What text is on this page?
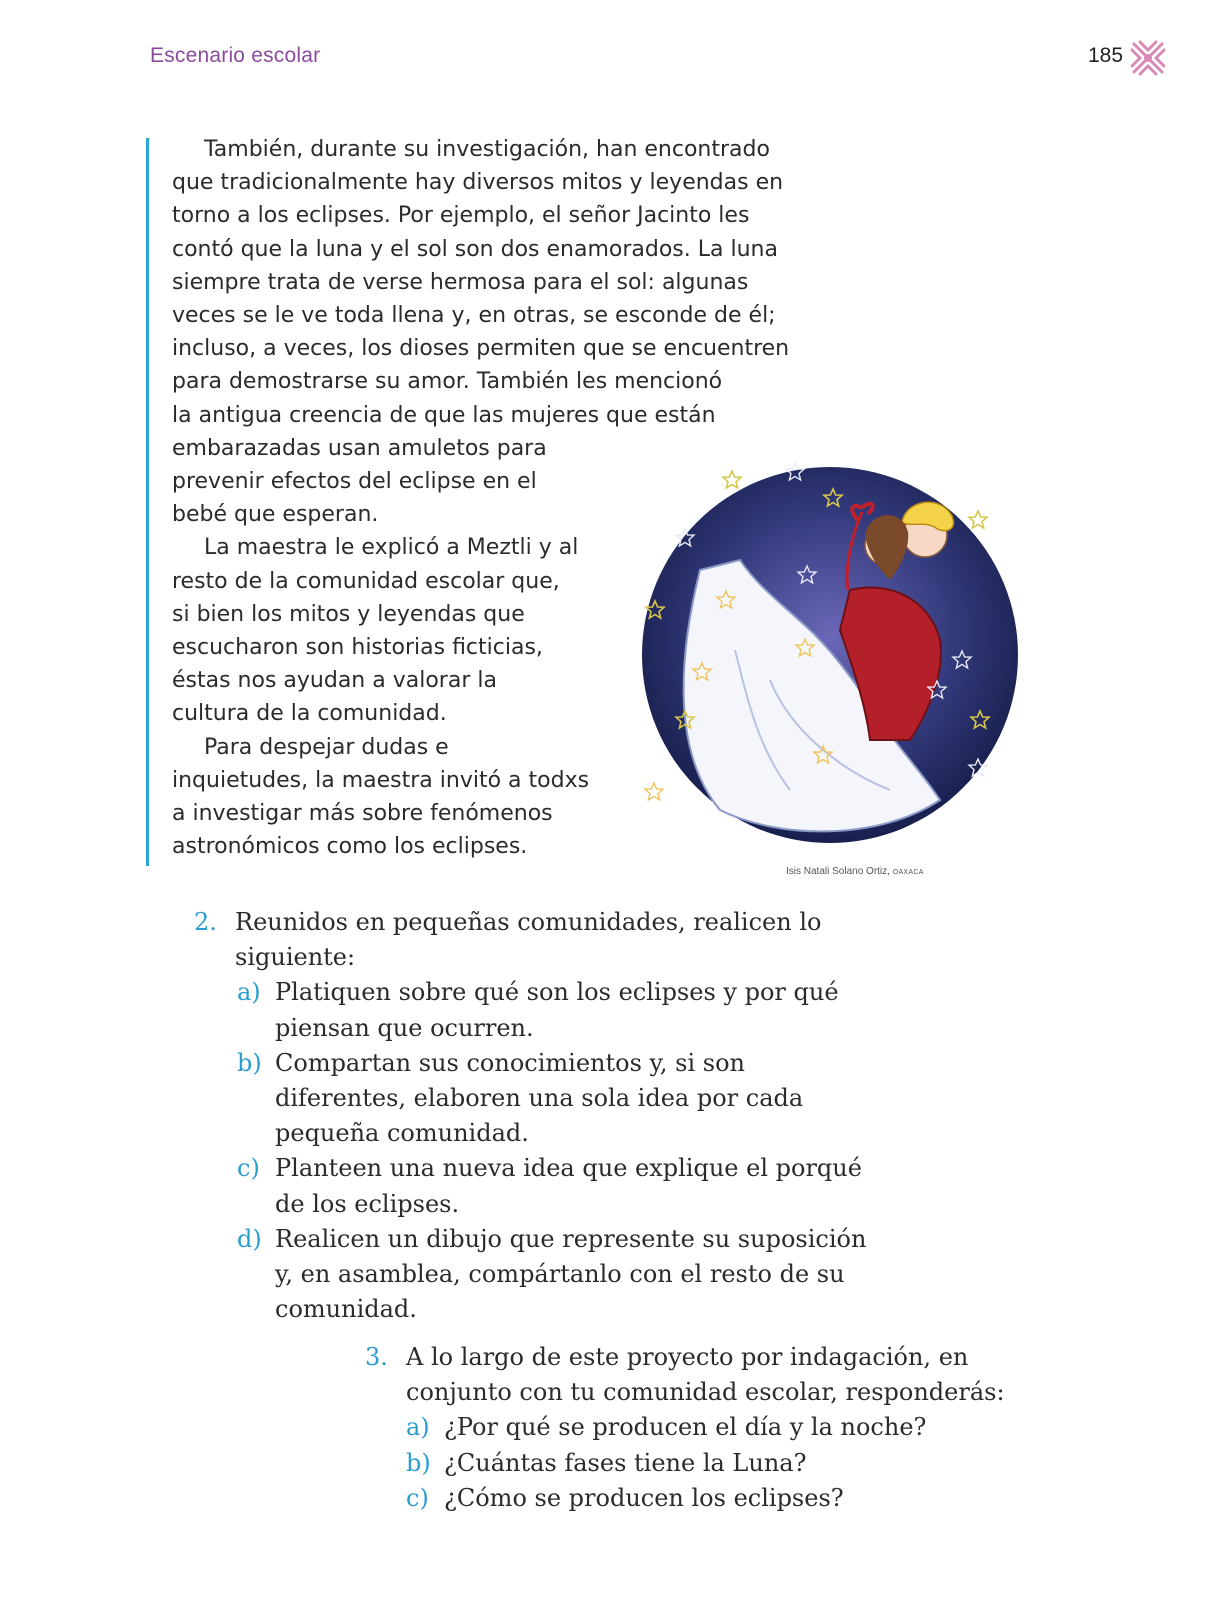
Escenario escolar	185
También, durante su investigación, han encontrado
que tradicionalmente hay diversos mitos y leyendas en
torno a los eclipses. Por ejemplo, el señor Jacinto les
contó que la luna y el sol son dos enamorados. La luna
siempre trata de verse hermosa para el sol: algunas
veces se le ve toda llena y, en otras, se esconde de él;
incluso, a veces, los dioses permiten que se encuentren
para demostrarse su amor. También les mencionó
la antigua creencia de que las mujeres que están
embarazadas usan amuletos para
prevenir efectos del eclipse en el
bebé que esperan.
La maestra le explicó a Meztli y al
resto de la comunidad escolar que,
si bien los mitos y leyendas que
escucharon son historias ficticias,
éstas nos ayudan a valorar la
cultura de la comunidad.
Para despejar dudas e
inquietudes, la maestra invitó a todxs
a investigar más sobre fenómenos
astronómicos como los eclipses.
Isis Natali Solano Ortiz, OAXACA
2. Reunidos en pequeñas comunidades, realicen lo
siguiente:
a) Platiquen sobre qué son los eclipses y por qué
piensan que ocurren.
b) Compartan sus conocimientos y, si son
diferentes, elaboren una sola idea por cada
pequeña comunidad.
c) Planteen una nueva idea que explique el porqué
de los eclipses.
d) Realicen un dibujo que represente su suposición
y, en asamblea, compártanlo con el resto de su
comunidad.
3. A lo largo de este proyecto por indagación, en
conjunto con tu comunidad escolar, responderás:
a) ¿Por qué se producen el día y la noche?
b) ¿Cuántas fases tiene la Luna?
c) ¿Cómo se producen los eclipses?
